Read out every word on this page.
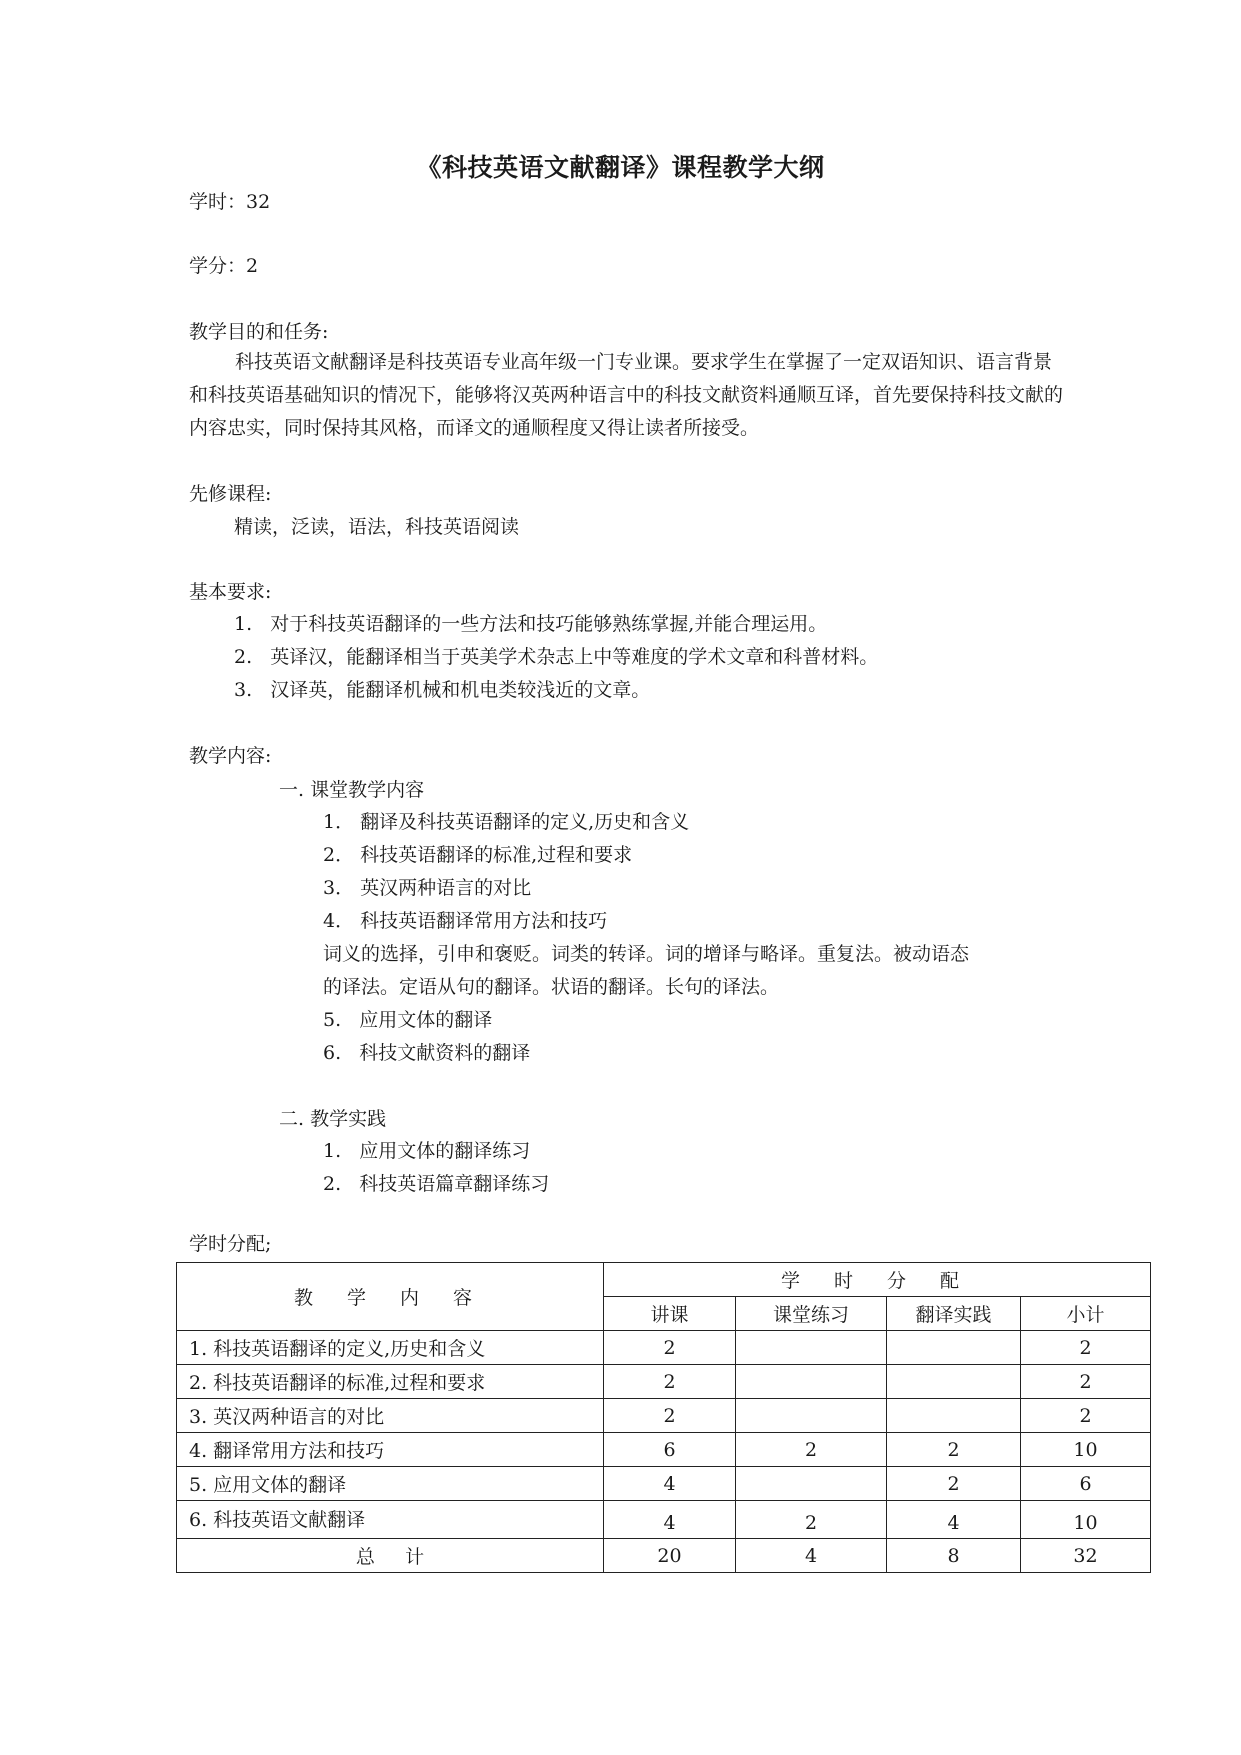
《科技英语文献翻译》课程教学大纲
学时：32
学分：2
教学目的和任务:
科技英语文献翻译是科技英语专业高年级一门专业课。要求学生在掌握了一定双语知识、语言背景和科技英语基础知识的情况下，能够将汉英两种语言中的科技文献资料通顺互译，首先要保持科技文献的内容忠实，同时保持其风格，而译文的通顺程度又得让读者所接受。
先修课程:
精读，泛读，语法，科技英语阅读
基本要求:
1. 对于科技英语翻译的一些方法和技巧能够熟练掌握,并能合理运用。
2. 英译汉，能翻译相当于英美学术杂志上中等难度的学术文章和科普材料。
3. 汉译英，能翻译机械和机电类较浅近的文章。
教学内容:
一. 课堂教学内容
1． 翻译及科技英语翻译的定义,历史和含义
2． 科技英语翻译的标准,过程和要求
3． 英汉两种语言的对比
4． 科技英语翻译常用方法和技巧
词义的选择，引申和褒贬。词类的转译。词的增译与略译。重复法。被动语态
的译法。定语从句的翻译。状语的翻译。长句的译法。
5. 应用文体的翻译
6. 科技文献资料的翻译
二. 教学实践
1. 应用文体的翻译练习
2. 科技英语篇章翻译练习
学时分配;
教 学 内 容	学 时 分 配			
	讲课	课堂练习	翻译实践	小计
1. 科技英语翻译的定义,历史和含义	2			2
2. 科技英语翻译的标准,过程和要求	2			2
3. 英汉两种语言的对比	2			2
4. 翻译常用方法和技巧	6	2	2	10
5. 应用文体的翻译	4		2	6
6. 科技英语文献翻译	4	2	4	10
总     计	20	4	8	32
